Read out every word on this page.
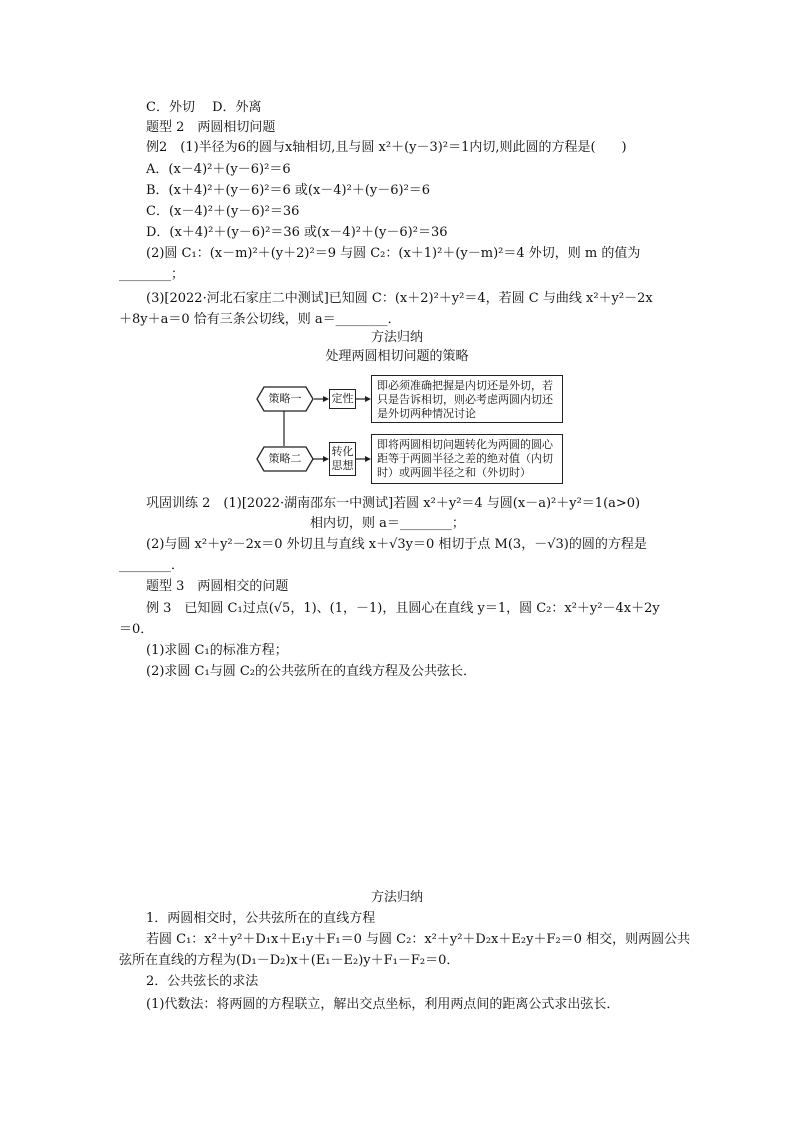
C．外切　 D．外离
题型 2　两圆相切问题
例2　(1)半径为6的圆与x轴相切,且与圆 x²＋(y－3)²＝1内切,则此圆的方程是(　　)
A．(x－4)²＋(y－6)²＝6
B．(x＋4)²＋(y－6)²＝6 或(x－4)²＋(y－6)²＝6
C．(x－4)²＋(y－6)²＝36
D．(x＋4)²＋(y－6)²＝36 或(x－4)²＋(y－6)²＝36
(2)圆 C₁：(x－m)²＋(y＋2)²＝9 与圆 C₂：(x＋1)²＋(y－m)²＝4 外切，则 m 的值为
________；
(3)[2022·河北石家庄二中测试]已知圆 C：(x＋2)²＋y²＝4，若圆 C 与曲线 x²＋y²－2x
＋8y＋a＝0 恰有三条公切线，则 a＝________．
方法归纳
处理两圆相切问题的策略
策略一
策略二
定性
转化
思想
即必须准确把握是内切还是外切，若
只是告诉相切，则必考虑两圆内切还
是外切两种情况讨论
即将两圆相切问题转化为两圆的圆心
距等于两圆半径之差的绝对值（内切
时）或两圆半径之和（外切时）
巩固训练 2　(1)[2022·湖南邵东一中测试]若圆 x²＋y²＝4 与圆(x－a)²＋y²＝1(a>0)
相内切，则 a＝________；
(2)与圆 x²＋y²－2x＝0 外切且与直线 x＋√3y＝0 相切于点 M(3，－√3)的圆的方程是
________．
题型 3　两圆相交的问题
例 3　已知圆 C₁过点(√5，1)、(1，－1)，且圆心在直线 y＝1，圆 C₂：x²＋y²－4x＋2y
＝0．
(1)求圆 C₁的标准方程；
(2)求圆 C₁与圆 C₂的公共弦所在的直线方程及公共弦长．
方法归纳
1．两圆相交时，公共弦所在的直线方程
若圆 C₁：x²＋y²＋D₁x＋E₁y＋F₁＝0 与圆 C₂：x²＋y²＋D₂x＋E₂y＋F₂＝0 相交，则两圆公共
弦所在直线的方程为(D₁－D₂)x＋(E₁－E₂)y＋F₁－F₂＝0．
2．公共弦长的求法
(1)代数法：将两圆的方程联立，解出交点坐标，利用两点间的距离公式求出弦长．
